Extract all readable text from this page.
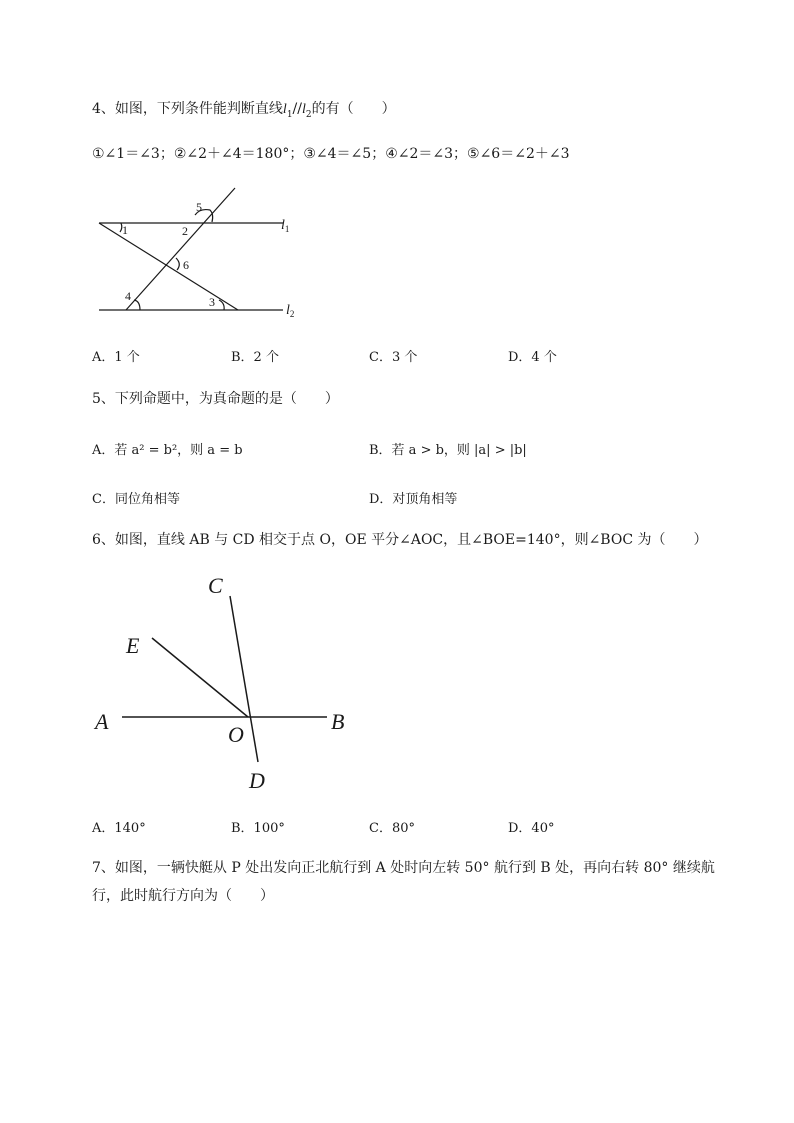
4、如图，下列条件能判断直线$l_1//l_2$的有（　　）
①∠1＝∠3；②∠2＋∠4＝180°；③∠4＝∠5；④∠2＝∠3；⑤∠6＝∠2＋∠3
1	2
3
4
5
6
$l_1$
$l_2$
A．1 个	B．2 个	C．3 个	D．4 个
5、下列命题中，为真命题的是（　　）
A．若 a² = b²，则 a = b	B．若 a > b，则 |a| > |b|
C．同位角相等	D．对顶角相等
6、如图，直线 AB 与 CD 相交于点 O，OE 平分∠AOC，且∠BOE=140°，则∠BOC 为（　　）
C
E
A	B
O
D
A．140°	B．100°	C．80°	D．40°
7、如图，一辆快艇从 P 处出发向正北航行到 A 处时向左转 50° 航行到 B 处，再向右转 80° 继续航
行，此时航行方向为（　　）
